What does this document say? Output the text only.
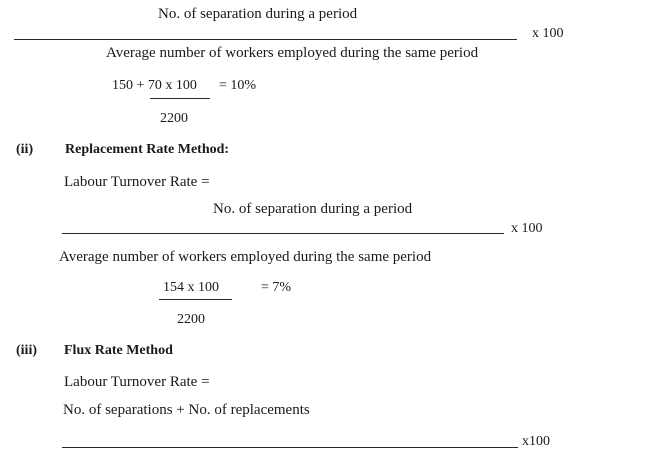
No. of separation during a period
x 100
Average number of workers employed during the same period
150 + 70 x 100 = 10%
2200
(ii) Replacement Rate Method:
Labour Turnover Rate =
No. of separation during a period
x 100
Average number of workers employed during the same period
154 x 100	= 7%
2200
(iii) Flux Rate Method
Labour Turnover Rate =
No. of separations + No. of replacements
x100
